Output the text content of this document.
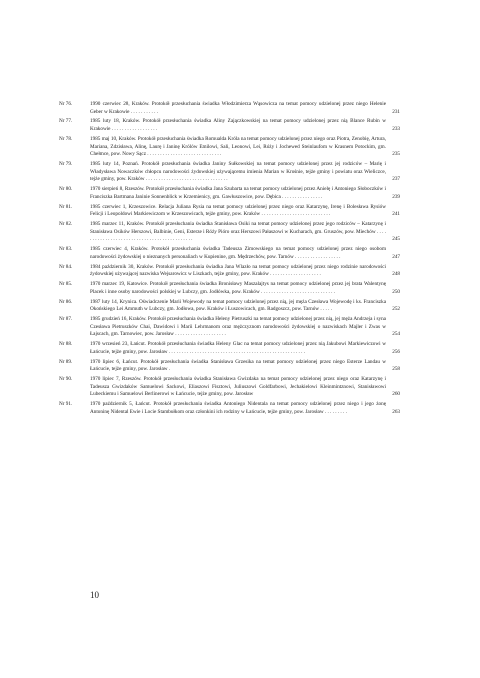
Nr 76.	1990 czerwiec 28, Kraków. Protokół przesłuchania świadka Włodzimierza Wąsowicza na temat pomocy udzielonej przez niego Helenie Geber w Krakowie . . . . . . . . . . .	231
Nr 77.	1985 luty 18, Kraków. Protokół przesłuchania świadka Aliny Zajączkowskiej na temat pomocy udzielonej przez nią Blance Rubin w Krakowie . . . . . . . . . . . . . . . . . .	233
Nr 78.	1985 maj 10, Kraków. Protokół przesłuchania świadka Romualda Króla na temat pomocy udzielonej przez niego oraz Piotra, Zenobię, Artura, Mariana, Zdzisława, Alinę, Laurę i Janinę Królów Emilowi, Sali, Leonowi, Lei, Róży i Jochewed Steinlaufom w Krasnem Potockim, gm. Chełmce, pow. Nowy Sącz . . . . . . . . . . . . . . . . . . . . . . . . . . . . .	235
Nr 79.	1985 luty 14, Poznań. Protokół przesłuchania świadka Janiny Sułkowskiej na temat pomocy udzielonej przez jej rodziców – Marię i Władysława Nowaczków chłopcu narodowości żydowskiej używającemu imienia Marian w Krośnie, tejże gminy i powiatu oraz Wieliczce, tejże gminy, pow. Kraków . . . . . . . . . . . . . . . . . . . . . . . . . . . . . . . .	237
Nr 80.	1970 sierpień 8, Rzeszów. Protokół przesłuchania świadka Jana Szubarta na temat pomocy udzielonej przez Anielę i Antoniego Słoboczków i Franciszka Bartmana Janinie Sonnenblick w Krzemienicy, gm. Gawłuszowice, pow. Dębica . . . . . . . . . . . . . . . .	239
Nr 81.	1985 czerwiec 1, Krzeszowice. Relacja Juliana Rysia na temat pomocy udzielonej przez niego oraz Katarzynę, Irenę i Bolesława Rysiów Felicji i Leopoldowi Markiewiczom w Krzeszowicach, tejże gminy, pow. Kraków . . . . . . . . . . . . . . . . . . . . . . . . . . .	241
Nr 82.	1985 marzec 11, Kraków. Protokół przesłuchania świadka Stanisława Osiki na temat pomocy udzielonej przez jego rodziców – Katarzynę i Stanisława Osików Herszowi, Balbinie, Geni, Esterze i Róży Pióro oraz Herszowi Pałaszowi w Kucharach, gm. Gruszów, pow. Miechów . . . . . . . . . . . . . . . . . . . . . . . . . . . . . . . . . . . . . . . . . . . .	245
Nr 83.	1985 czerwiec 4, Kraków. Protokół przesłuchania świadka Tadeusza Zimowskiego na temat pomocy udzielonej przez niego osobom narodowości żydowskiej o nieznanych personaliach w Kupienine, gm. Mędrzechów, pow. Tarnów . . . . . . . . . . . . . . . . . .	247
Nr 84.	1984 październik 30, Kraków. Protokół przesłuchania świadka Jana Wlazło na temat pomocy udzielonej przez niego rodzinie narodowości żydowskiej używającej nazwiska Wejsarowicz w Liszkach, tejże gminy, pow. Kraków . . . . . . . . . . . . . . . . . . . .	248
Nr 85.	1970 marzec 19, Katowice. Protokół przesłuchania świadka Bronisławy Maszalajtys na temat pomocy udzielonej przez jej brata Walentynę Placek i inne osoby narodowości polskiej w Lubczy, gm. Jodłówka, pow. Kraków . . . . . . . . . . . . . . . . . . . . . . . . . . . . .	250
Nr 86.	1987 luty 14, Krynica. Oświadczenie Marii Wojewody na temat pomocy udzielonej przez nią, jej męża Czesława Wojewodę i ks. Franciszka Okońskiego Lei Ammuth w Lubczy, gm. Jodłowa, pow. Kraków i Łuszowicach, gm. Radgoszcz, pow. Tarnów . . . . .	252
Nr 87.	1985 grudzień 16, Kraków. Protokół przesłuchania świadka Heleny Pietruszki na temat pomocy udzielonej przez nią, jej męża Andrzeja i syna Czesława Pietruszków Chai, Dawidowi i Marii Lehrmanom oraz mężczyznom narodowości żydowskiej o nazwiskach Majler i Zwas w Łajscach, gm. Tarnowiec, pow. Jarosław . . . . . . . . . . . . . . . . . . . .	254
Nr 88.	1970 wrzesień 23, Łańcut. Protokół przesłuchania świadka Heleny Glac na temat pomocy udzielonej przez nią Jakubowi Markiewiczowi w Łańcucie, tejże gminy, pow. Jarosław . . . . . . . . . . . . . . . . . . . . . . . . . . . . . . . . . . . . . . . . . . . . . . . . . . . . .	256
Nr 89.	1970 lipiec 6, Łańcut. Protokół przesłuchania świadka Stanisława Grzesika na temat pomocy udzielonej przez niego Esterze Landau w Łańcucie, tejże gminy, pow. Jarosław .	258
Nr 90.	1970 lipiec 7, Rzeszów. Protokół przesłuchania świadka Stanisława Gwizdaka na temat pomocy udzielonej przez niego oraz Katarzynę i Tadeusza Gwizdaków Samuelowi Sackowi, Eliaszowi Fisztowi, Juliuszowi Goldfarbowi, Jechakielowi Kleinmintznowi, Stanisławowi Lubeckiemu i Samuelowi Berlinerowi w Łańcucie, tejże gminy, pow. Jarosław	260
Nr 91.	1970 październik 5, Łańcut. Protokół przesłuchania świadka Antoniego Nidentala na temat pomocy udzielonej przez niego i jego żonę Antoninę Nidental Ewie i Locie Stambułkom oraz członkini ich rodziny w Łańcucie, tejże gminy, pow. Jarosław . . . . . . . . .	263
10
